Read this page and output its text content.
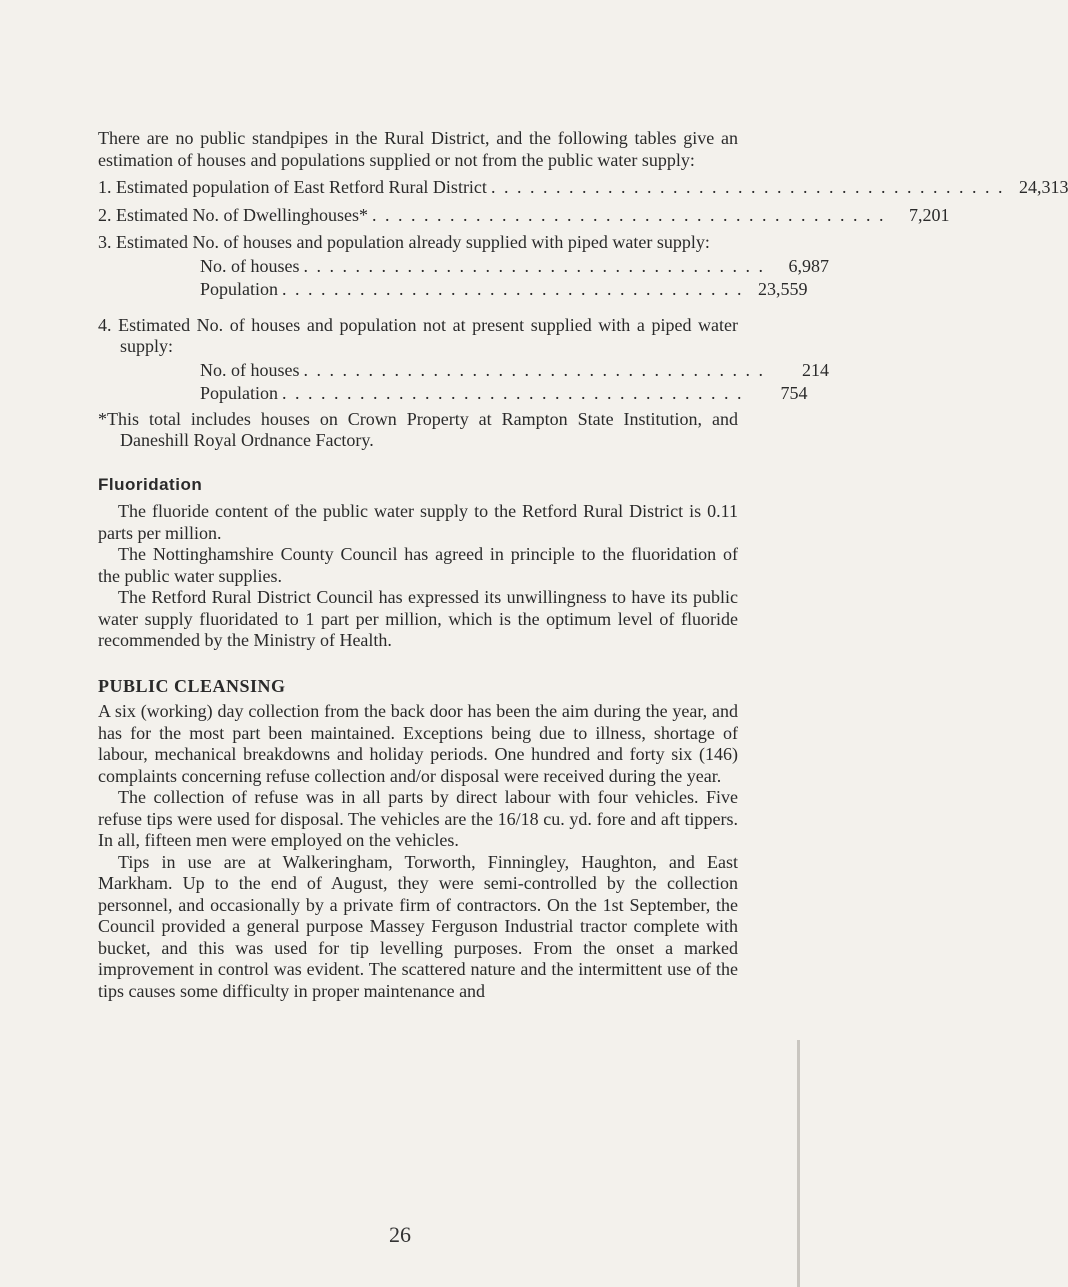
There are no public standpipes in the Rural District, and the following tables give an estimation of houses and populations supplied or not from the public water supply:

1. Estimated population of East Retford Rural District . . . . . . . . . . . . . . . . . . . . . . . . . . . . . . . . . . . . . . . . 24,313
2. Estimated No. of Dwellinghouses* . . . . . . . . . . . . . . . . . . . . . . . . . . . . . . . . . . . . . . . .	7,201

3. Estimated No. of houses and population already supplied with piped water supply:

No. of houses . . . . . . . . . . . . . . . . . . . . . . . . . . . . . . . . . . . .	6,987
Population . . . . . . . . . . . . . . . . . . . . . . . . . . . . . . . . . . . . 23,559

4. Estimated No. of houses and population not at present supplied with a piped water supply:

No. of houses . . . . . . . . . . . . . . . . . . . . . . . . . . . . . . . . . . . .	214
Population . . . . . . . . . . . . . . . . . . . . . . . . . . . . . . . . . . . .	754

*This total includes houses on Crown Property at Rampton State Institution, and Daneshill Royal Ordnance Factory.

Fluoridation

The fluoride content of the public water supply to the Retford Rural District is 0.11 parts per million.

The Nottinghamshire County Council has agreed in principle to the fluoridation of the public water supplies.

The Retford Rural District Council has expressed its unwillingness to have its public water supply fluoridated to 1 part per million, which is the optimum level of fluoride recommended by the Ministry of Health.

PUBLIC CLEANSING

A six (working) day collection from the back door has been the aim during the year, and has for the most part been maintained. Exceptions being due to illness, shortage of labour, mechanical breakdowns and holiday periods. One hundred and forty six (146) complaints concerning refuse collection and/or disposal were received during the year.

The collection of refuse was in all parts by direct labour with four vehicles. Five refuse tips were used for disposal. The vehicles are the 16/18 cu. yd. fore and aft tippers. In all, fifteen men were employed on the vehicles.

Tips in use are at Walkeringham, Torworth, Finningley, Haughton, and East Markham. Up to the end of August, they were semi-controlled by the collection personnel, and occasionally by a private firm of contractors. On the 1st September, the Council provided a general purpose Massey Ferguson Industrial tractor complete with bucket, and this was used for tip levelling purposes. From the onset a marked improvement in control was evident. The scattered nature and the intermittent use of the tips causes some difficulty in proper maintenance and

26
